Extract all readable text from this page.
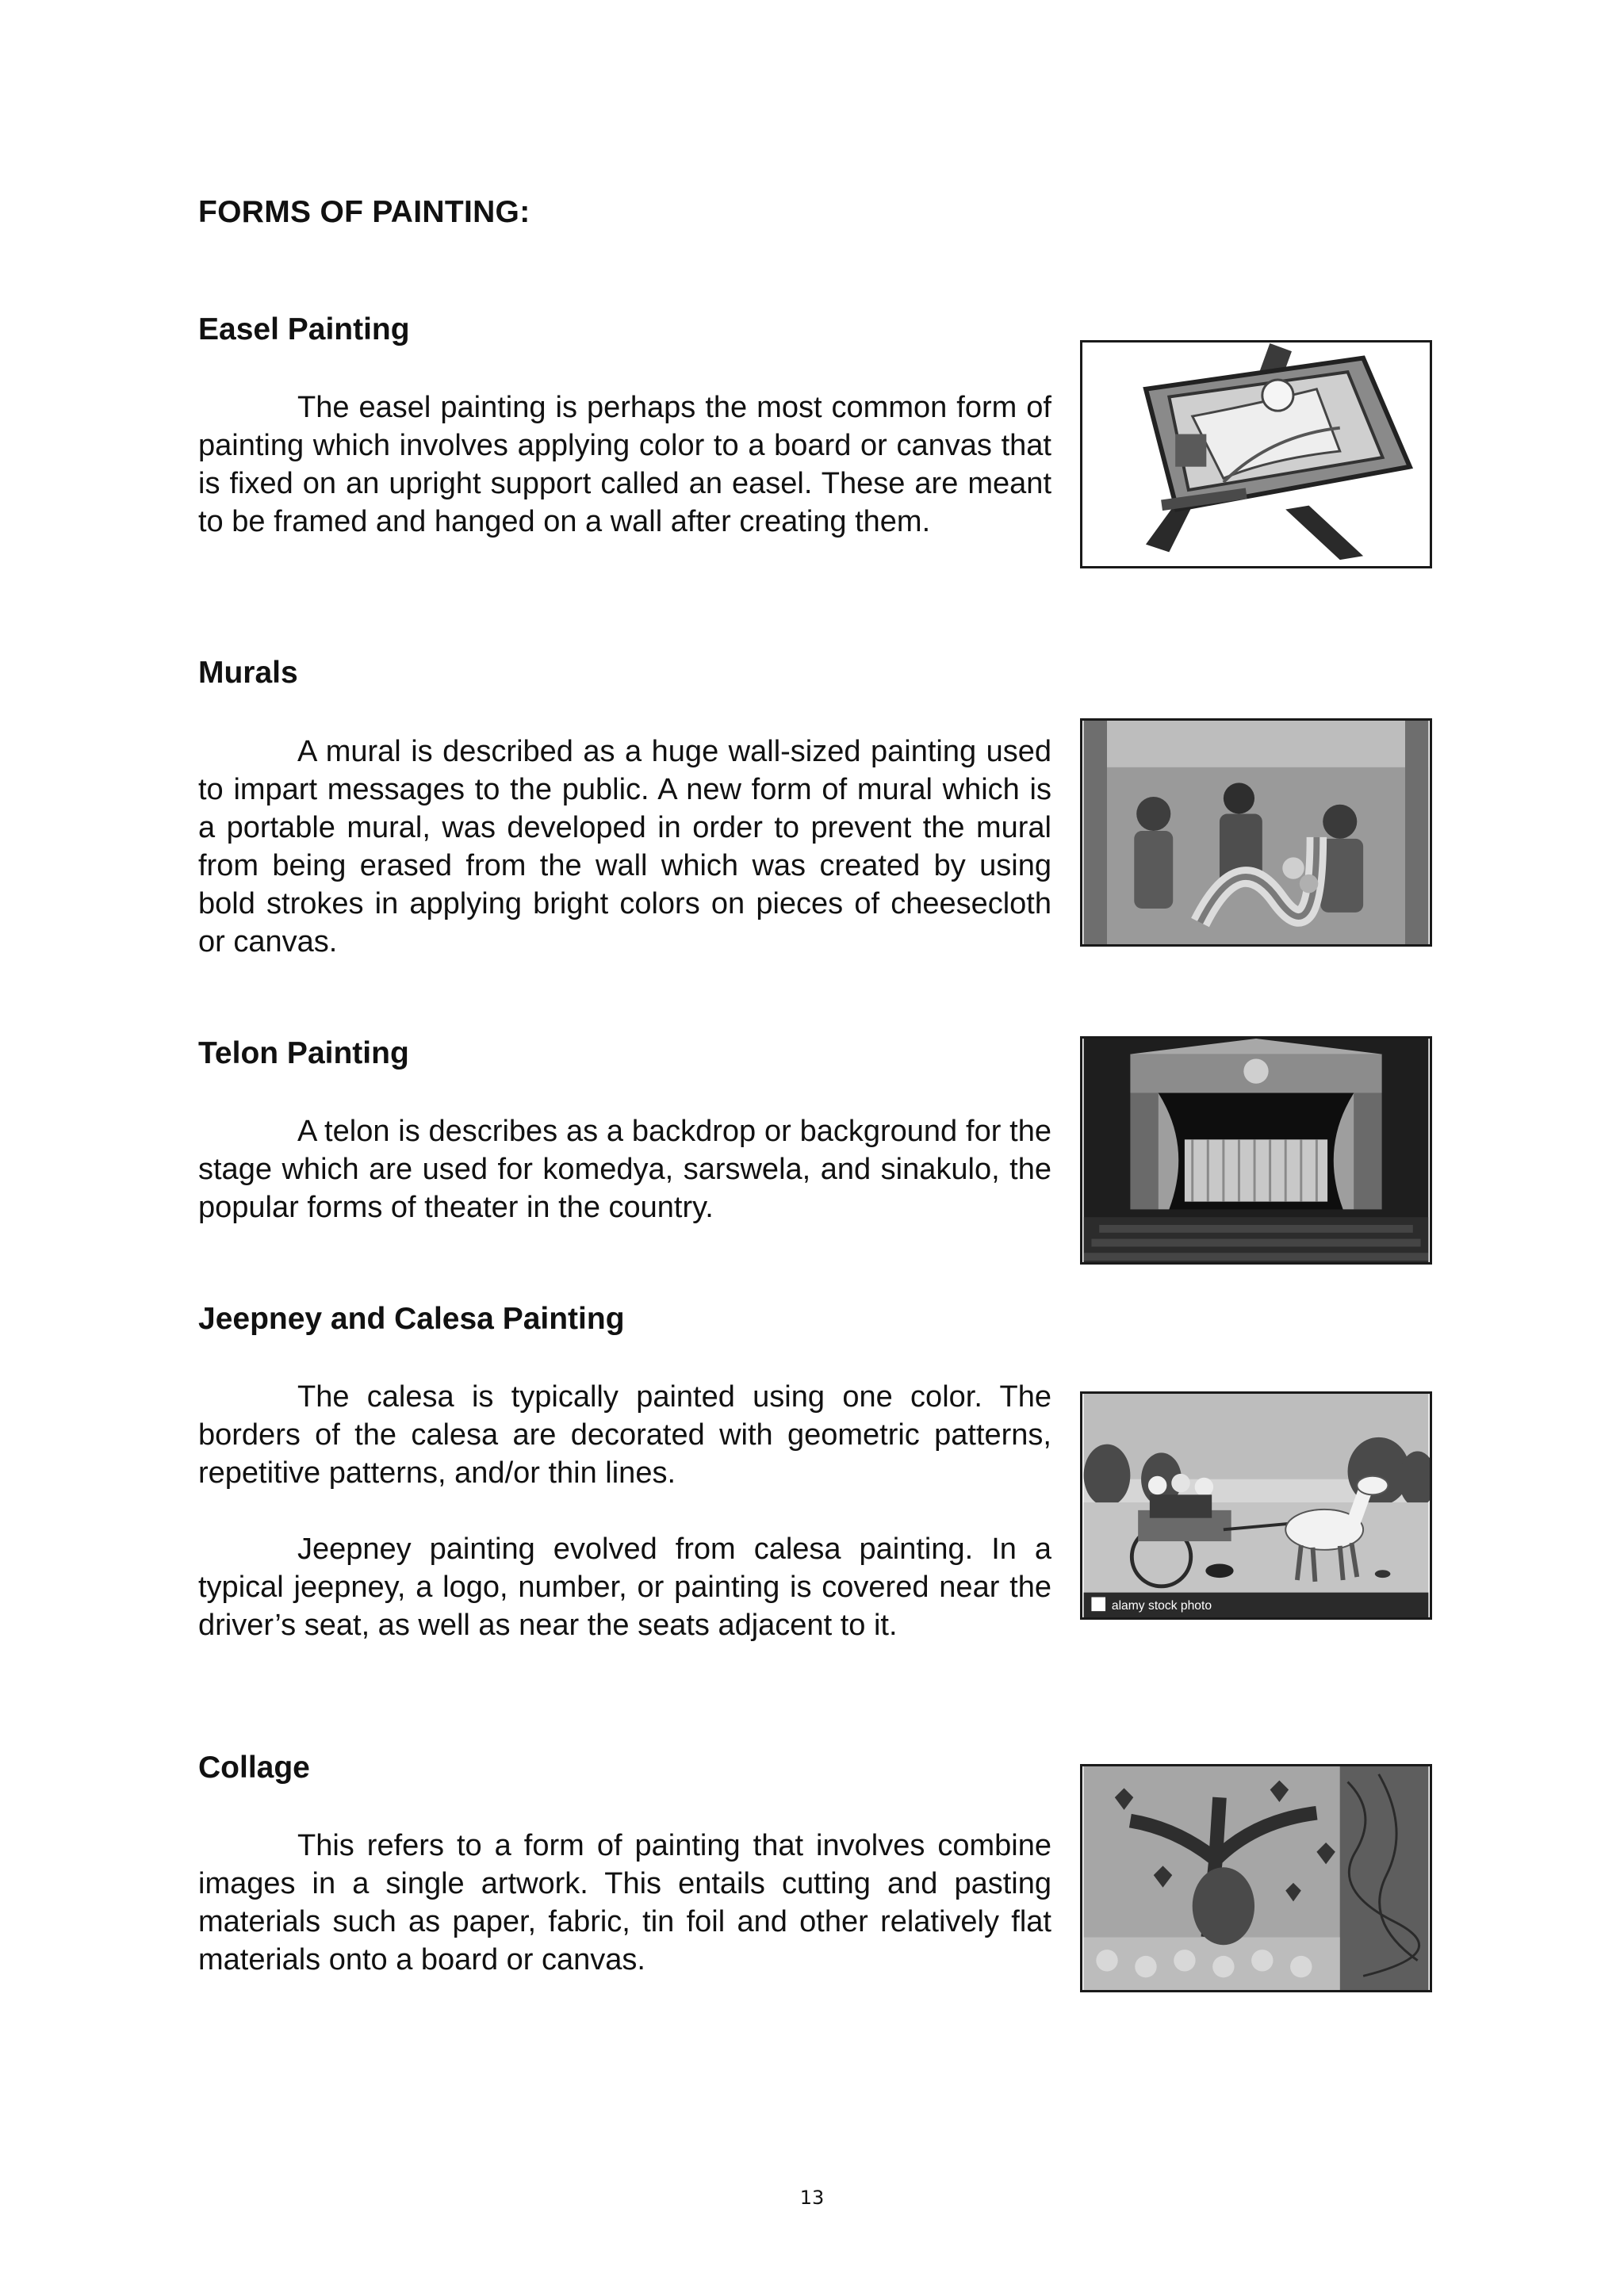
FORMS OF PAINTING:
Easel Painting

The easel painting is perhaps the most common form of painting which involves applying color to a board or canvas that is fixed on an upright support called an easel. These are meant to be framed and hanged on a wall after creating them.

Murals

A mural is described as a huge wall-sized painting used to impart messages to the public. A new form of mural which is a portable mural, was developed in order to prevent the mural from being erased from the wall which was created by using bold strokes in applying bright colors on pieces of cheesecloth or canvas.

Telon Painting

A telon is describes as a backdrop or background for the stage which are used for komedya, sarswela, and sinakulo, the popular forms of theater in the country.

Jeepney and Calesa Painting

The calesa is typically painted using one color. The borders of the calesa are decorated with geometric patterns, repetitive patterns, and/or thin lines.

Jeepney painting evolved from calesa painting. In a typical jeepney, a logo, number, or painting is covered near the driver’s seat, as well as near the seats adjacent to it.

alamy stock photo
Collage

This refers to a form of painting that involves combine images in a single artwork. This entails cutting and pasting materials such as paper, fabric, tin foil and other relatively flat materials onto a board or canvas.

13
